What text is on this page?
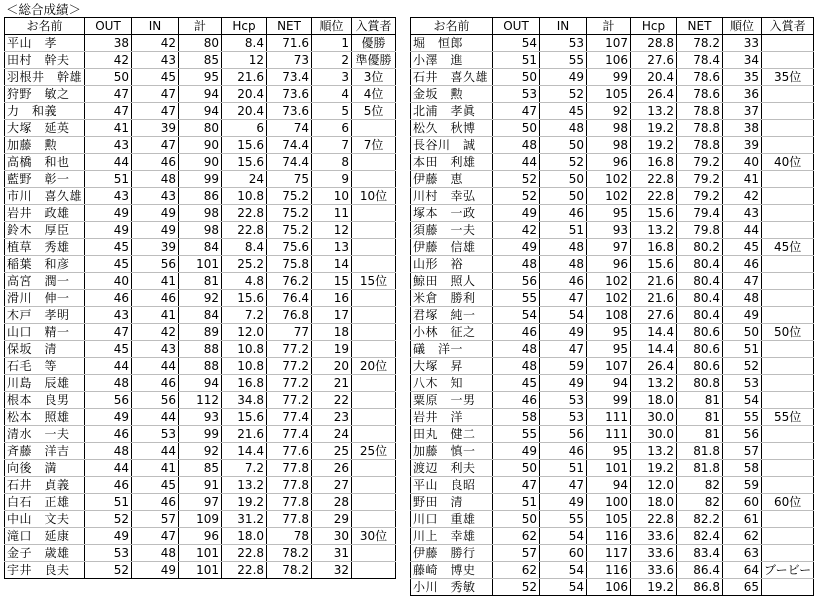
＜総合成績＞
お名前	OUT	IN	計	Hcp	NET	順位	入賞者
平山　孝	38	42	80	8.4	71.6	1	優勝
田村　幹夫	42	43	85	12	73	2	準優勝
羽根井　幹雄	50	45	95	21.6	73.4	3	3位
狩野　敏之	47	47	94	20.4	73.6	4	4位
力　和義	47	47	94	20.4	73.6	5	5位
大塚　延英	41	39	80	6	74	6	
加藤　勲	43	47	90	15.6	74.4	7	7位
高橋　和也	44	46	90	15.6	74.4	8	
藍野　彰一	51	48	99	24	75	9	
市川　喜久雄	43	43	86	10.8	75.2	10	10位
岩井　政雄	49	49	98	22.8	75.2	11	
鈴木　厚臣	49	49	98	22.8	75.2	12	
植草　秀雄	45	39	84	8.4	75.6	13	
稲葉　和彦	45	56	101	25.2	75.8	14	
高宮　潤一	40	41	81	4.8	76.2	15	15位
滑川　伸一	46	46	92	15.6	76.4	16	
木戸　孝明	43	41	84	7.2	76.8	17	
山口　精一	47	42	89	12.0	77	18	
保坂　清	45	43	88	10.8	77.2	19	
石毛　等	44	44	88	10.8	77.2	20	20位
川島　辰雄	48	46	94	16.8	77.2	21	
根本　良男	56	56	112	34.8	77.2	22	
松本　照雄	49	44	93	15.6	77.4	23	
清水　一夫	46	53	99	21.6	77.4	24	
斉藤　洋吉	48	44	92	14.4	77.6	25	25位
向後　満	44	41	85	7.2	77.8	26	
石井　貞義	46	45	91	13.2	77.8	27	
白石　正雄	51	46	97	19.2	77.8	28	
中山　文夫	52	57	109	31.2	77.8	29	
滝口　延康	49	47	96	18.0	78	30	30位
金子　歳雄	53	48	101	22.8	78.2	31	
宇井　良夫	52	49	101	22.8	78.2	32	
お名前	OUT	IN	計	Hcp	NET	順位	入賞者
堀　恒郎	54	53	107	28.8	78.2	33	
小澤　進	51	55	106	27.6	78.4	34	
石井　喜久雄	50	49	99	20.4	78.6	35	35位
金坂　勲	53	52	105	26.4	78.6	36	
北浦　孝眞	47	45	92	13.2	78.8	37	
松久　秋博	50	48	98	19.2	78.8	38	
長谷川　誠	48	50	98	19.2	78.8	39	
本田　利雄	44	52	96	16.8	79.2	40	40位
伊藤　恵	52	50	102	22.8	79.2	41	
川村　幸弘	52	50	102	22.8	79.2	42	
塚本　一政	49	46	95	15.6	79.4	43	
須藤　一夫	42	51	93	13.2	79.8	44	
伊藤　信雄	49	48	97	16.8	80.2	45	45位
山形　裕	48	48	96	15.6	80.4	46	
鯨田　照人	56	46	102	21.6	80.4	47	
米倉　勝利	55	47	102	21.6	80.4	48	
君塚　純一	54	54	108	27.6	80.4	49	
小林　征之	46	49	95	14.4	80.6	50	50位
礒　洋一	48	47	95	14.4	80.6	51	
大塚　昇	48	59	107	26.4	80.6	52	
八木　知	45	49	94	13.2	80.8	53	
粟原　一男	46	53	99	18.0	81	54	
岩井　洋	58	53	111	30.0	81	55	55位
田丸　健二	55	56	111	30.0	81	56	
加藤　慎一	49	46	95	13.2	81.8	57	
渡辺　利夫	50	51	101	19.2	81.8	58	
平山　良昭	47	47	94	12.0	82	59	
野田　清	51	49	100	18.0	82	60	60位
川口　重雄	50	55	105	22.8	82.2	61	
川上　幸雄	62	54	116	33.6	82.4	62	
伊藤　勝行	57	60	117	33.6	83.4	63	
藤崎　博史	62	54	116	33.6	86.4	64	ブービー
小川　秀敏	52	54	106	19.2	86.8	65	
